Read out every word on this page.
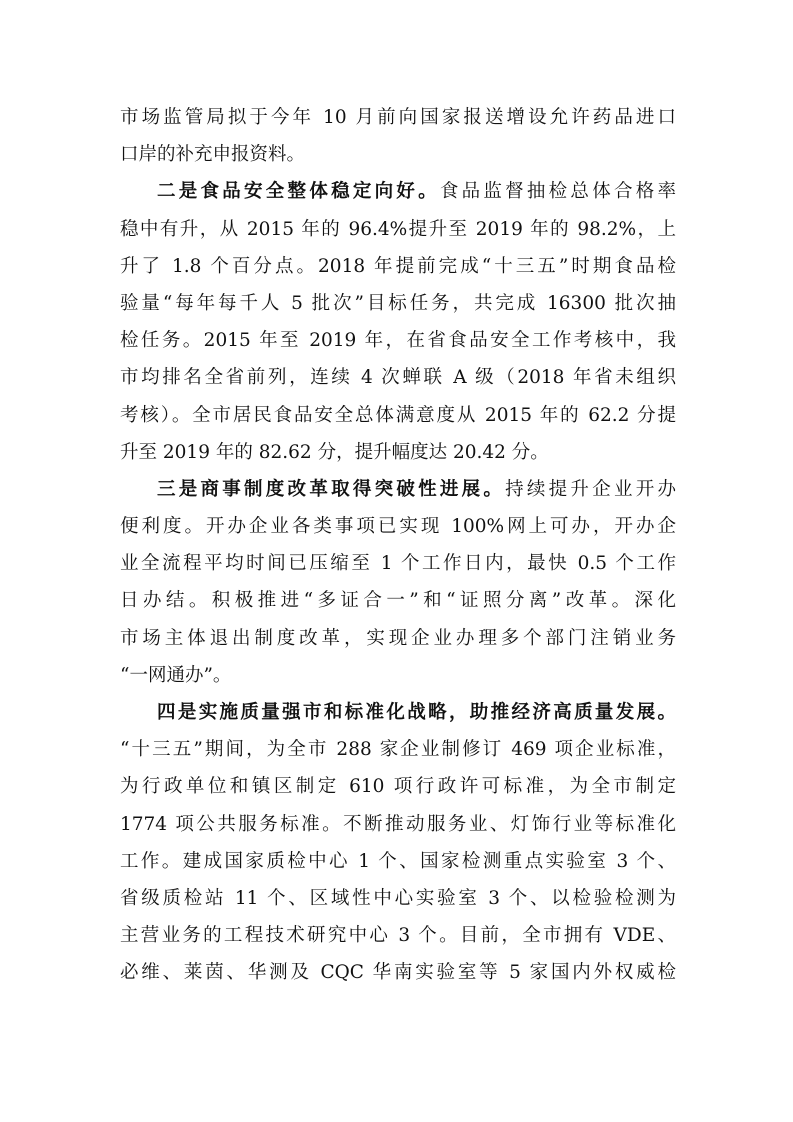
市场监管局拟于今年 10 月前向国家报送增设允许药品进口
口岸的补充申报资料。
二是食品安全整体稳定向好。食品监督抽检总体合格率
稳中有升，从 2015 年的 96.4%提升至 2019 年的 98.2%，上
升了 1.8 个百分点。2018 年提前完成“十三五”时期食品检
验量“每年每千人 5 批次”目标任务，共完成 16300 批次抽
检任务。2015 年至 2019 年，在省食品安全工作考核中，我
市均排名全省前列，连续 4 次蝉联 A 级（2018 年省未组织
考核）。全市居民食品安全总体满意度从 2015 年的 62.2 分提
升至 2019 年的 82.62 分，提升幅度达 20.42 分。
三是商事制度改革取得突破性进展。持续提升企业开办
便利度。开办企业各类事项已实现 100%网上可办，开办企
业全流程平均时间已压缩至 1 个工作日内，最快 0.5 个工作
日办结。积极推进“多证合一”和“证照分离”改革。深化
市场主体退出制度改革，实现企业办理多个部门注销业务
“一网通办”。
四是实施质量强市和标准化战略，助推经济高质量发展。
“十三五”期间，为全市 288 家企业制修订 469 项企业标准，
为行政单位和镇区制定 610 项行政许可标准，为全市制定
1774 项公共服务标准。不断推动服务业、灯饰行业等标准化
工作。建成国家质检中心 1 个、国家检测重点实验室 3 个、
省级质检站 11 个、区域性中心实验室 3 个、以检验检测为
主营业务的工程技术研究中心 3 个。目前，全市拥有 VDE、
必维、莱茵、华测及 CQC 华南实验室等 5 家国内外权威检
